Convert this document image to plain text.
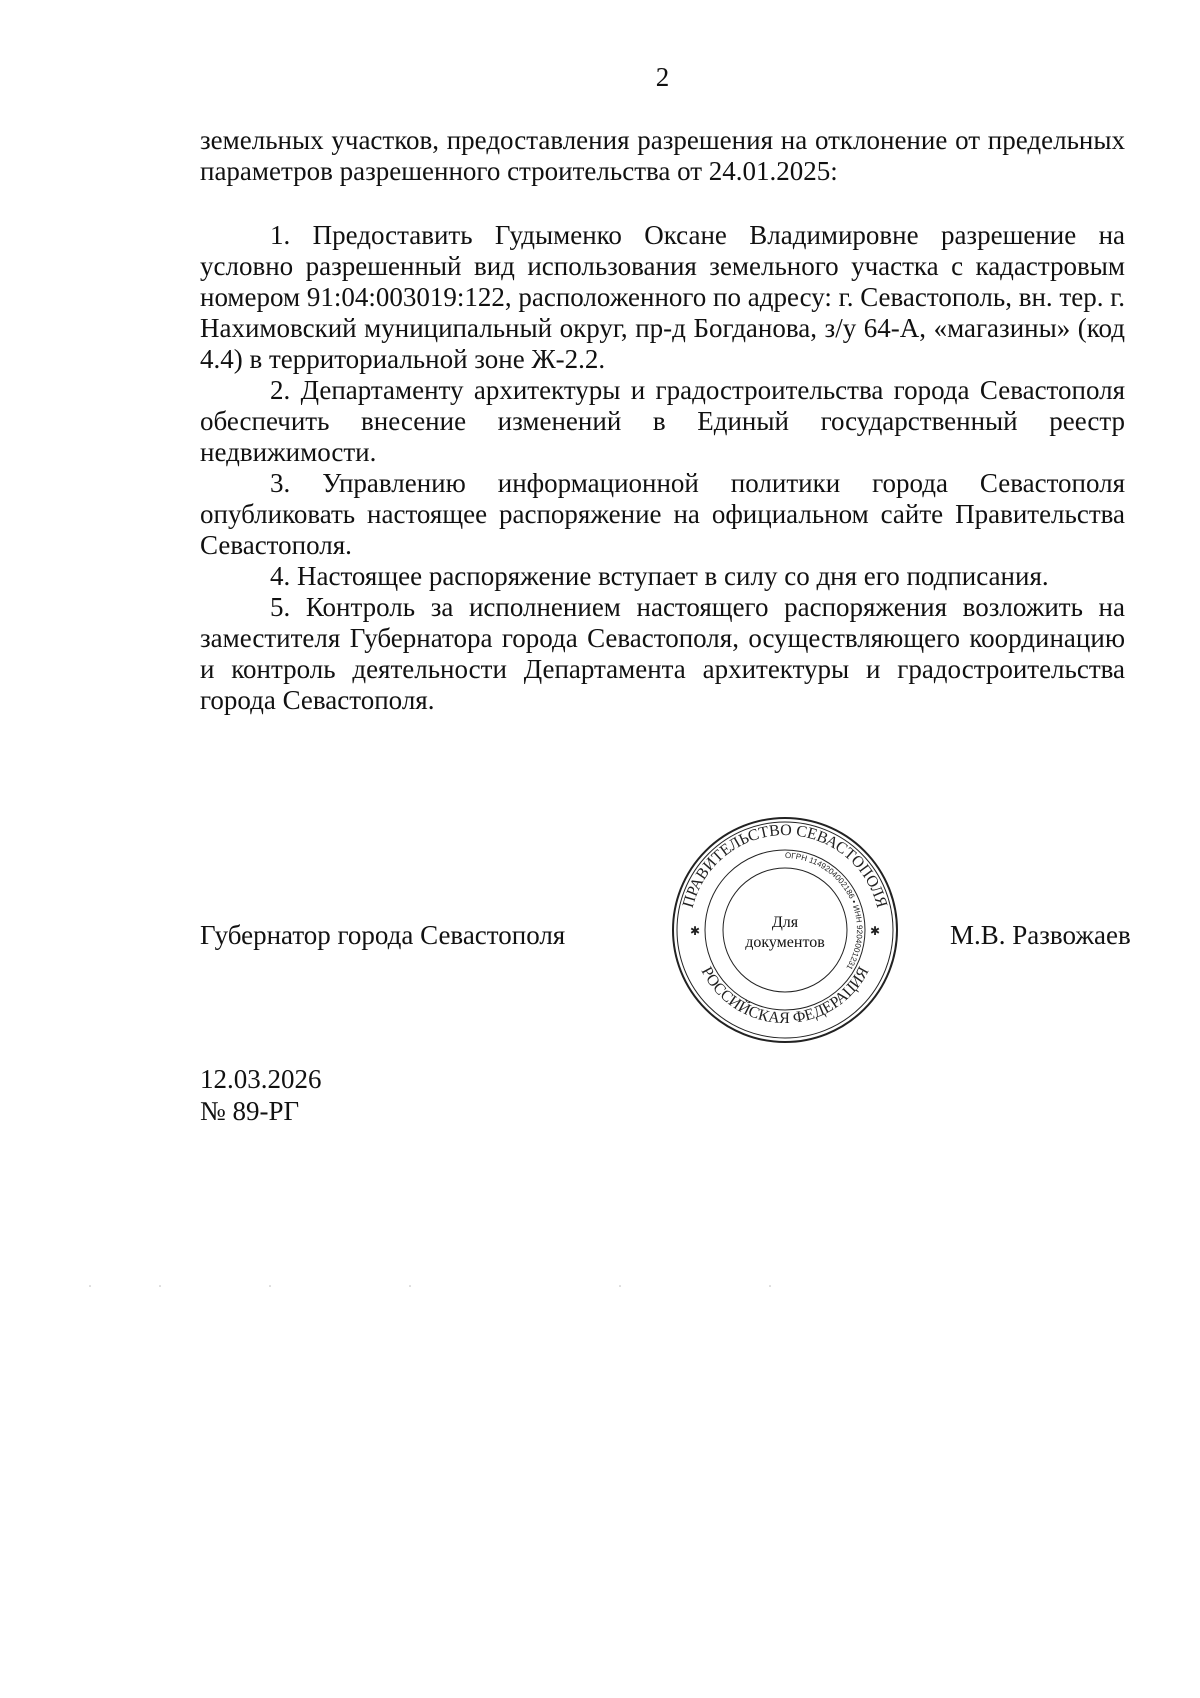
2
земельных участков, предоставления разрешения на отклонение от предельных параметров разрешенного строительства от 24.01.2025:

1. Предоставить Гудыменко Оксане Владимировне разрешение на условно разрешенный вид использования земельного участка с кадастровым номером 91:04:003019:122, расположенного по адресу: г. Севастополь, вн. тер. г. Нахимовский муниципальный округ, пр-д Богданова, з/у 64-А, «магазины» (код 4.4) в территориальной зоне Ж-2.2.

2. Департаменту архитектуры и градостроительства города Севастополя обеспечить внесение изменений в Единый государственный реестр недвижимости.

3. Управлению информационной политики города Севастополя опубликовать настоящее распоряжение на официальном сайте Правительства Севастополя.

4. Настоящее распоряжение вступает в силу со дня его подписания.

5. Контроль за исполнением настоящего распоряжения возложить на заместителя Губернатора города Севастополя, осуществляющего координацию и контроль деятельности Департамента архитектуры и градостроительства города Севастополя.

Губернатор города Севастополя
ПРАВИТЕЛЬСТВО СЕВАСТОПОЛЯ
РОССИЙСКАЯ ФЕДЕРАЦИЯ
ОГРН 1149204002186 • ИНН 9204001231
Для
документов
✱	✱	М.В. Развожаев
12.03.2026
№ 89-РГ
